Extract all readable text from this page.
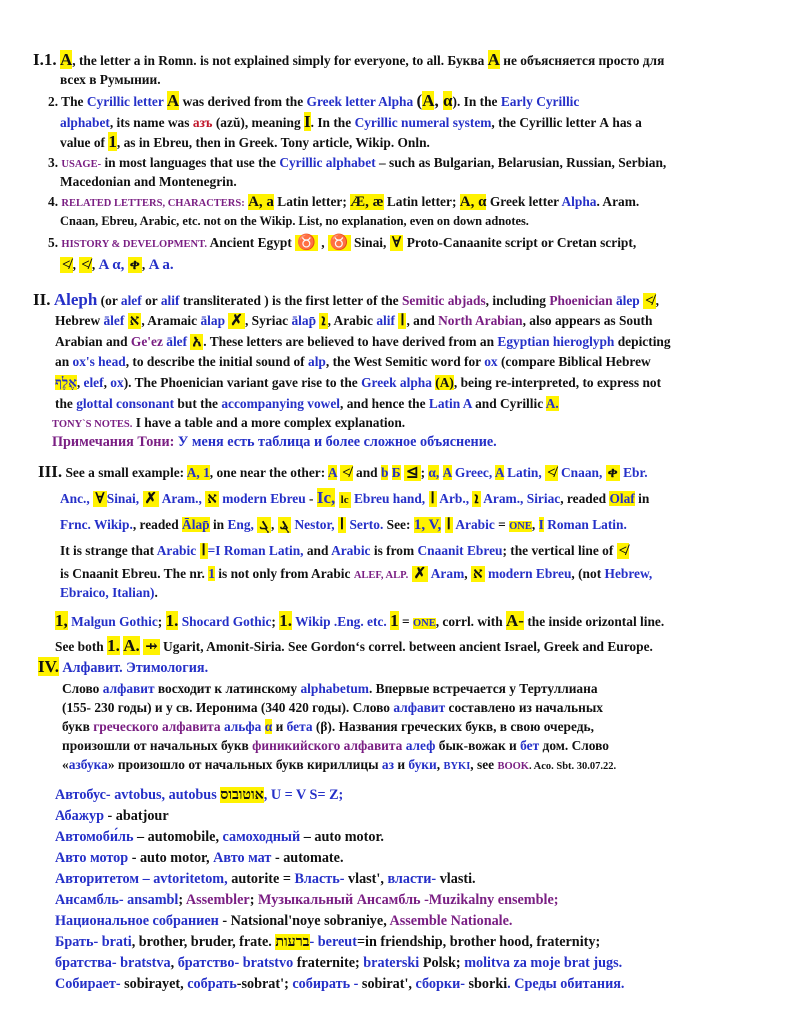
I.1. A, the letter a in Romn. is not explained simply for everyone, to all. Буква A не объясняется просто для
всех в Румынии.
2. The Cyrillic letter A was derived from the Greek letter Alpha (A, α). In the Early Cyrillic
alphabet, its name was азъ (azŭ), meaning I. In the Cyrillic numeral system, the Cyrillic letter А has a
value of 1, as in Ebreu, then in Greek. Tony article, Wikip. Onln.
3. USAGE- in most languages that use the Cyrillic alphabet – such as Bulgarian, Belarusian, Russian, Serbian,
Macedonian and Montenegrin.
4. RELATED LETTERS, CHARACTERS: A, a Latin letter; Æ, æ Latin letter; Α, α Greek letter Alpha. Aram.
Cnaan, Ebreu, Arabic, etc. not on the Wikip. List, no explanation, even on down adnotes.
5. HISTORY & DEVELOPMENT. Ancient Egypt ♉ , ♉ Sinai, ∀ Proto-Canaanite script or Cretan script,
≮ , ≮ , Α α, ቀ , A a.
II. Aleph (or alef or alif transliterated ) is the first letter of the Semitic abjads, including Phoenician ālep ≮ ,
Hebrew ālef א , Aramaic ālap ✗ , Syriac ālap̄ ܐ , Arabic alif ا , and North Arabian, also appears as South
Arabian and Ge'ez ālef አ . These letters are believed to have derived from an Egyptian hieroglyph depicting
an ox's head, to describe the initial sound of alp, the West Semitic word for ox (compare Biblical Hebrew
אֶלֶף, elef, ox). The Phoenician variant gave rise to the Greek alpha (A), being re-interpreted, to express not
the glottal consonant but the accompanying vowel, and hence the Latin A and Cyrillic A.
TONY`S NOTES. I have a table and a more complex explanation.
Примечания Тони: У меня есть таблица и более сложное объяснение.
III. See a small example: A, 1, one near the other: A ≮ and b Б ⊴ ; α, A Greec, A Latin, ≮ Cnaan, ቀ Ebr.
Anc., ∀ Sinai, ✗ Aram., א modern Ebreu - Ic, lc Ebreu hand, ا Arb., ܐ Aram., Siriac, readed Olaf in
Frnc. Wikip., readed Ālap̄ in Eng, ܓ , ܔ Nestor, ا Serto. See: 1, V, ا Arabic = ONE, I Roman Latin.
It is strange that Arabic ا =I Roman Latin, and Arabic is from Cnaanit Ebreu; the vertical line of ≮
is Cnaanit Ebreu. The nr. 1 is not only from Arabic ALEF, ALP. ✗ Aram, א modern Ebreu, (not Hebrew,
Ebraico, Italian).
1, Malgun Gothic; 1. Shocard Gothic; 1. Wikip .Eng. etc. 1 = ONE, corrl. with A- the inside orizontal line.
See both 1. A. ⇸ Ugarit, Amonit-Siria. See Gordon‘s correl. between ancient Israel, Greek and Europe.
IV. Алфавит. Этимология.
Слово алфавит восходит к латинскому alphabetum. Впервые встречается у Тертуллиана
(155- 230 годы) и у св. Иеронима (340 420 годы). Слово алфавит составлено из начальных
букв греческого алфавита альфа α и бета (β). Названия греческих букв, в свою очередь,
произошли от начальных букв финикийского алфавита алеф бык-вожак и бет дом. Слово
«азбука» произошло от начальных букв кириллицы аз и буки, BYKI, see BOOK. Aco. Sbt. 30.07.22.
Автобус- avtobus, autobus אוטובוס, U = V S= Z;
Абажур - abatjour
Автомоби́ль – automobile, самоходный – auto motor.
Авто мотор - auto motor, Авто мат - automate.
Авторитетом – avtoritetom, autorite = Власть- vlast', власти- vlasti.
Ансамбль- ansambl; Assembler; Музыкальный Ансамбль -Muzikalny ensemble;
Национальное собраниен - Natsional'noye sobraniye, Assemble Nationale.
Брать- brati, brother, bruder, frate. ברעות- bereut=in friendship, brother hood, fraternity;
братства- bratstva, братство- bratstvo fraternite; braterski Polsk; molitva za moje brat jugs.
Собирает- sobirayet, собрать-sobrat'; собирать - sobirat', сборки- sborki. Среды обитания.
